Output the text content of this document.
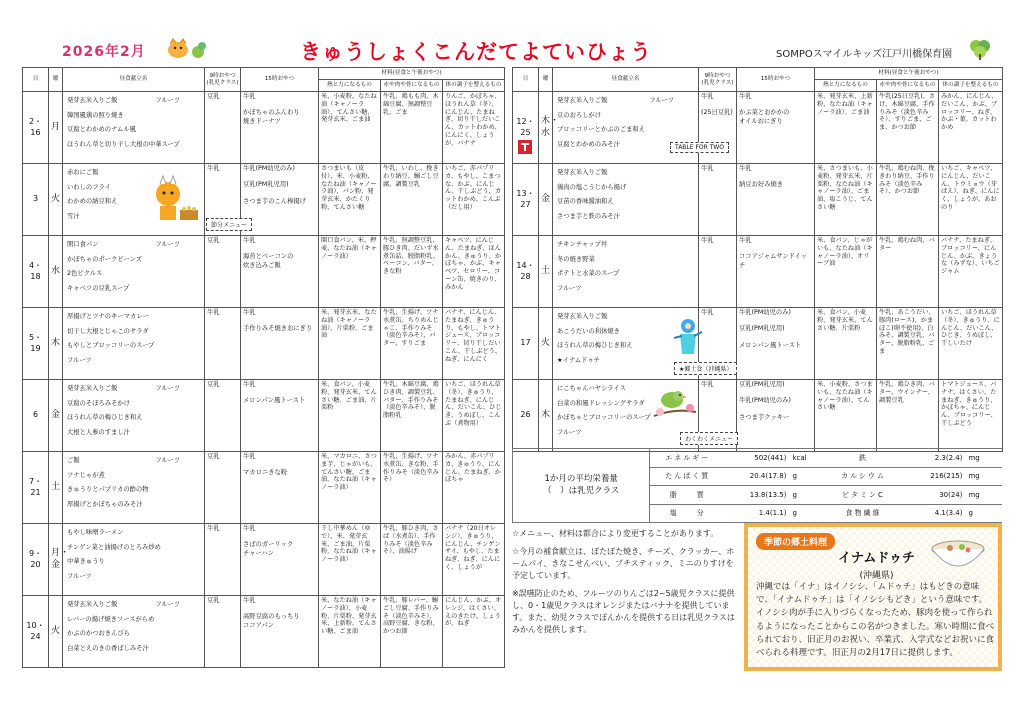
2026年2月	きゅうしょくこんだてよていひょう	SOMPOスマイルキッズ江戸川橋保育園
日	曜	昼食献立名	9時おやつ
(乳児クラス)	15時おやつ	材料(昼食と午後おやつ)		
					熱と力になるもの	赤や肉や骨になるもの	体の調子を整えるもの
2・16	月	発芽玄米入りご飯 フルーツ
韓国風鶏の照り焼き
豆腐とわかめのナムル風
ほうれん草と切り干し大根の中華スープ	豆乳	牛乳

かぼちゃのふんわり
焼きドーナツ	米、小麦粉、なたね油（キャノーラ油）、てんさい糖、発芽玄米、ごま油	牛乳、鶏もも肉、木綿豆腐、無調整豆乳、ごま	りんご、かぼちゃ、ほうれん草（冬）、にんじん、たまねぎ、切り干しだいこん、カットわかめ、にんにく、しょうが、バナナ
3	火	赤おにご飯
いわしのフライ
わかめの納豆和え
雪汁	牛乳	牛乳(PM幼児のみ)

豆乳(PM乳児用)

さつま芋のこん棒揚げ	さつまいも（皮付）、米、小麦粉、なたね油（キャノーラ油）、パン粉、発芽玄米、かたくり粉、てんさい糖	牛乳、いわし、挽きわり納豆、鰯ごし豆腐、調製豆乳	いちご、赤パプリカ、もやし、こまつな、かぶ、にんじん、干しぶどう、カットわかめ、こんぶ（だし用）
4・18	水	開口食パン フルーツ
かぼちゃのポークビーンズ
2色ピクルス
キャベツの豆乳スープ	豆乳	牛乳

海苔とベーコンの
炊き込みご飯	開口食パン、米、押麦、なたね油（キャノーラ油）	牛乳、無調整豆乳、豚ひき肉、だいず水煮缶詰、脱脂粉乳、ベーコン、バター、きな粉	キャベツ、にんじん、たまねぎ、ほんかん、きゅうり、かぼちゃ、かぶ、キャベツ、セロリー、コーン缶、焼きのり、みかん
5・19	木	厚揚げとツナのキーマカレー
切干し大根とじゃこのサラダ
もやしとブロッコリーのスープ
フルーツ	牛乳	牛乳

手作りみそ焼きおにぎり	米、発芽玄米、なたね油（キャノーラ油）、片栗粉、ごま油	牛乳、生揚げ、ツナ水煮缶、ちりめんじゃこ、手作りみそ（淡色辛みそ）、バター、すりごま	バナナ、にんじん、たまねぎ、きゅうり、もやし、トマトジュース、ブロッコリー、切り干しだいこん、干しぶどう、ねぎ、にんにく
6	金	発芽玄米入りご飯 フルーツ
豆腐のそぼろみそかけ
ほうれん草の梅ひじき和え
大根と人参のすまし汁	豆乳	牛乳

メロンパン風トースト	米、食パン、小麦粉、発芽玄米、てんさい糖、ごま油、片栗粉	牛乳、木綿豆腐、鶏ひき肉、調製豆乳、バター、手作りみそ（淡色辛みそ）、脱脂粉乳	いちご、ほうれん草（冬）、きゅうり、たまねぎ、にんじん、だいこん、ひじき、うめぼし、こんぶ（煮物用）
7・21	土	ご飯 フルーツ
ツナじゃが煮
きゅうりとパプリカの酢の物
厚揚げとかぼちゃのみそ汁	豆乳	牛乳

マカロニきな粉	米、マカロニ、さつま芋、じゃがいも、てんさい糖、ごま油、なたね油（キャノーラ油）	牛乳、生揚げ、ツナ水煮缶、きな粉、手作りみそ（淡色辛みそ）	みかん、赤パプリカ、きゅうり、にんじん、たまねぎ、かぼちゃ
9・20	月・金	もやし味噌ラーメン
チンゲン菜と油揚げのとろみ炒め
中華きゅうり
フルーツ	牛乳	牛乳

さばのガーリック
チャーハン	干し中華めん（ゆで）、米、発芽玄米、ごま油、片栗粉、なたね油（キャノーラ油）	牛乳、豚ひき肉、さば（水煮缶）、手作りみそ（淡色辛みそ）、油揚げ	バナナ（20日オレンジ）、きゅうり、にんじん、チンゲンサイ、もやし、たまねぎ、ねぎ、にんにく、しょうが
10・24	火	発芽玄米入りご飯 フルーツ
レバーの揚げ焼きソースがらめ
かぶのかつおきんぴら
白菜とえのきの香ばしみそ汁	豆乳	牛乳

高野豆腐のもっちり
ココアパン	米、なたね油（キャノーラ油）、小麦粉、片栗粉、発芽玄米、上新粉、てんさい糖、ごま油	牛乳、豚レバー、鰯ごし豆腐、手作りみそ（淡色辛みそ）、高野豆腐、きな粉、かつお節	にんじん、かぶ、オレンジ、はくさい、えのきたけ、しょうが、ねぎ
日	曜	昼食献立名	9時おやつ
(乳児クラス)	15時おやつ	材料(昼食と午後おやつ)		
					熱と力になるもの	赤や肉や骨になるもの	体の調子を整えるもの
12・25	木・水	発芽玄米入りご飯 フルーツ
豆のおろしがけ
ブロッコリーとかぶのごま和え
豆腐とわかめのみそ汁	牛乳

(25日豆乳)	牛乳

かぶ菜とおかかの
オイルおにぎり	米、発芽玄米、上新粉、なたね油（キャノーラ油）、ごま油	牛乳(25日豆乳)、さけ、木綿豆腐、手作りみそ（淡色辛みそ）、すりごま、ごま、かつお節	みかん、にんじん、だいこん、かぶ、ブロッコリー、ねぎ、かぶ・葉、カットわかめ
13・27	金	発芽玄米入りご飯
鶏肉の塩こうじから揚げ
豆苗の香味醤油和え
さつま芋と麩のみそ汁	牛乳	牛乳

納豆お好み焼き	米、さつまいも、小麦粉、発芽玄米、片栗粉、なたね油（キャノーラ油）、ごま油、塩こうじ、てんさい糖	牛乳、鶏むね肉、挽きわり納豆、手作りみそ（淡色辛みそ）、かつお節	いちご、キャベツ、にんじん、だいこん、トウミョウ（芽ばえ）、ねぎ、にんにく、しょうが、あおのり
14・28	土	チキンチャップ丼
冬の焼き野菜
ポテトと水菜のスープ
フルーツ	牛乳	牛乳

ココアジャムサンドイッチ	米、食パン、じゃがいも、なたね油（キャノーラ油）、オリーブ油	牛乳、鶏むね肉、バター	バナナ、たまねぎ、ブロッコリー、にんじん、かぶ、きょうな（みずな）、いちごジャム
17	火	発芽玄米入りご飯
あこうだいの利休焼き
ほうれん草の梅ひじき和え
★イナムドゥチ	牛乳	牛乳(PM幼児のみ)

豆乳(PM乳児用)

メロンパン風トースト	米、食パン、小麦粉、発芽玄米、てんさい糖、片栗粉	牛乳、あこうだい、豚肉(ロース)、かまぼこ(卵不使用)、白みそ、調製豆乳、バター、脱脂粉乳、ごま	いちご、ほうれん草（冬）、きゅうり、にんじん、だいこん、ひじき、うめぼし、干しいたけ
26	木	にこちゃんハヤシライス
白菜の和風ドレッシングサラダ
かぼちゃとブロッコリーのスープ
フルーツ	牛乳	豆乳(PM乳児用)

牛乳(PM幼児のみ)

さつま芋クッキー	米、小麦粉、さつまいも、なたね油（キャノーラ油）、てんさい糖	牛乳、鶏ひき肉、バター、ウインナー、調製豆乳	トマトジュース、バナナ、はくさい、たまねぎ、きゅうり、かぼちゃ、にんじん、ブロッコリー、干しぶどう
節分メニュー
TABLE FOR TWO
★郷土食（沖縄県）
わくわくメニュー
1か月の平均栄養量
（　）は乳児クラス	エネルギー	502(441)	kcal	鉄	2.3(2.4)	mg
	たんぱく質	20.4(17.8)	g	カルシウム	216(215)	mg
	脂　　質	13.8(13.5)	g	ビタミンC	30(24)	mg
	塩　　分	1.4(1.1)	g	食物繊維	4.1(3.4)	g

☆メニュー、材料は都合により変更することがあります。

☆今月の補食献立は、ぽたぽた焼き、チーズ、クラッカー、ホームパイ、きなこせんべい、プチスティック、ミニのりすけを予定しています。

※誤嚥防止のため、フルーツのりんごは2~5歳児クラスに提供し、0・1歳児クラスはオレンジまたはバナナを提供しています。また、幼児クラスでぽんかんを提供する日は乳児クラスはみかんを提供します。

季節の郷土料理
イナムドゥチ
(沖縄県)
沖縄では「イナ」はイノシシ、「ムドゥチ」はもどきの意味で、「イナムドゥチ」は「イノシシもどき」という意味です。イノシシ肉が手に入りづらくなったため、豚肉を使って作られるようになったことからこの名がつきました。寒い時期に食べられており、旧正月のお祝い、卒業式、入学式などお祝いに食べられる料理です。旧正月の2月17日に提供します。
